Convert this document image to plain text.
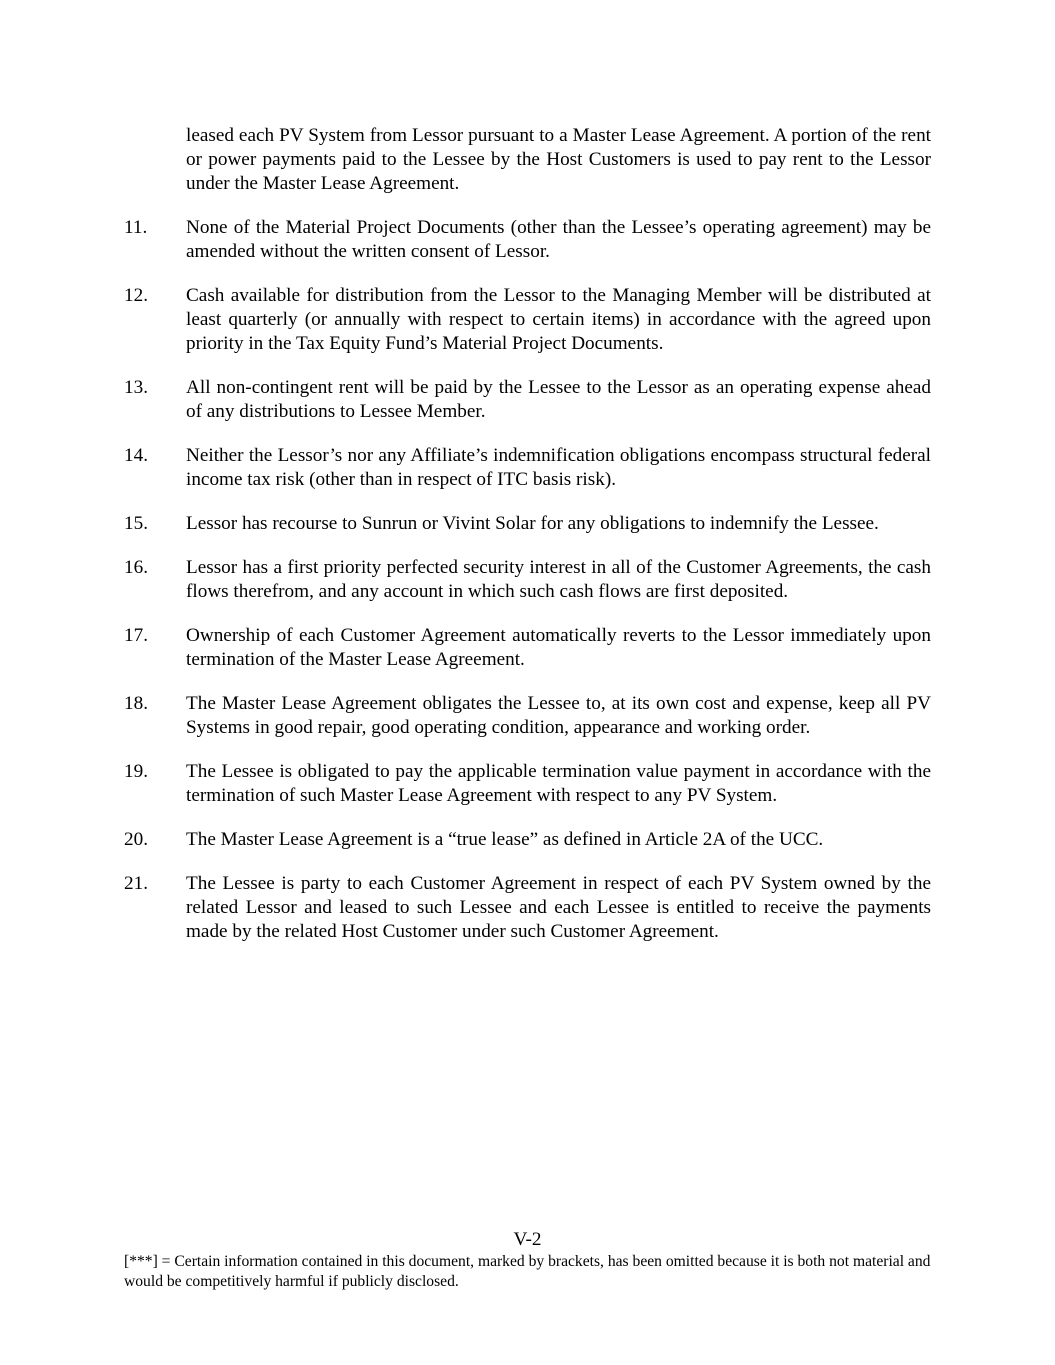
leased each PV System from Lessor pursuant to a Master Lease Agreement. A portion of the rent or power payments paid to the Lessee by the Host Customers is used to pay rent to the Lessor under the Master Lease Agreement.
11.	None of the Material Project Documents (other than the Lessee’s operating agreement) may be amended without the written consent of Lessor.
12.	Cash available for distribution from the Lessor to the Managing Member will be distributed at least quarterly (or annually with respect to certain items) in accordance with the agreed upon priority in the Tax Equity Fund’s Material Project Documents.
13.	All non-contingent rent will be paid by the Lessee to the Lessor as an operating expense ahead of any distributions to Lessee Member.
14.	Neither the Lessor’s nor any Affiliate’s indemnification obligations encompass structural federal income tax risk (other than in respect of ITC basis risk).
15.	Lessor has recourse to Sunrun or Vivint Solar for any obligations to indemnify the Lessee.
16.	Lessor has a first priority perfected security interest in all of the Customer Agreements, the cash flows therefrom, and any account in which such cash flows are first deposited.
17.	Ownership of each Customer Agreement automatically reverts to the Lessor immediately upon termination of the Master Lease Agreement.
18.	The Master Lease Agreement obligates the Lessee to, at its own cost and expense, keep all PV Systems in good repair, good operating condition, appearance and working order.
19.	The Lessee is obligated to pay the applicable termination value payment in accordance with the termination of such Master Lease Agreement with respect to any PV System.
20.	The Master Lease Agreement is a “true lease” as defined in Article 2A of the UCC.
21.	The Lessee is party to each Customer Agreement in respect of each PV System owned by the related Lessor and leased to such Lessee and each Lessee is entitled to receive the payments made by the related Host Customer under such Customer Agreement.
V-2
[***] = Certain information contained in this document, marked by brackets, has been omitted because it is both not material and would be competitively harmful if publicly disclosed.
